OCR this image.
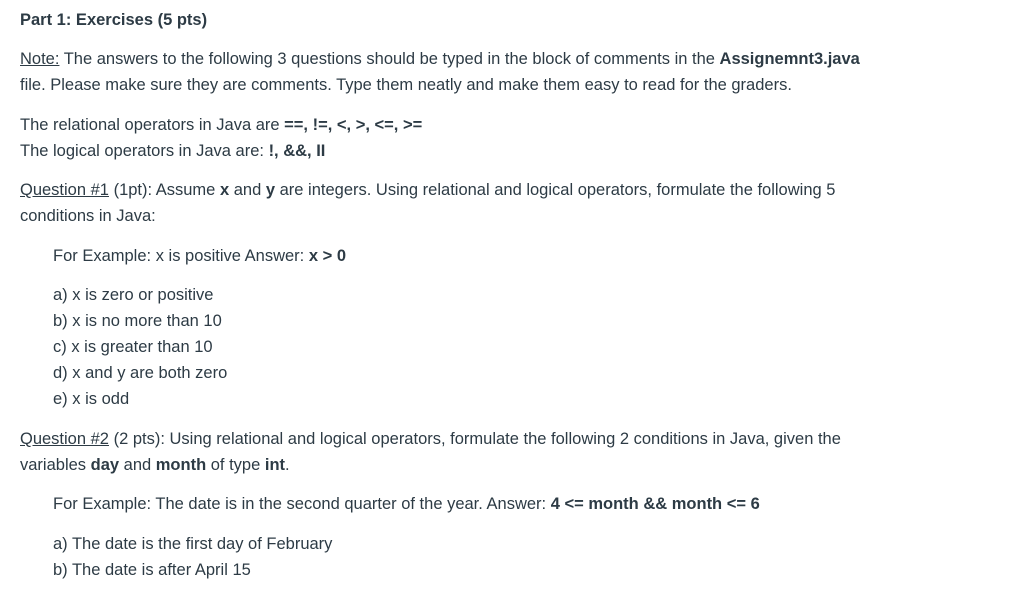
Part 1: Exercises (5 pts)
Note: The answers to the following 3 questions should be typed in the block of comments in the Assignemnt3.java
file. Please make sure they are comments. Type them neatly and make them easy to read for the graders.
The relational operators in Java are ==, !=, <, >, <=, >=
The logical operators in Java are: !, &&, II
Question #1 (1pt): Assume x and y are integers. Using relational and logical operators, formulate the following 5
conditions in Java:
For Example: x is positive Answer: x > 0
a) x is zero or positive
b) x is no more than 10
c) x is greater than 10
d) x and y are both zero
e) x is odd
Question #2 (2 pts): Using relational and logical operators, formulate the following 2 conditions in Java, given the
variables day and month of type int.
For Example: The date is in the second quarter of the year. Answer: 4 <= month && month <= 6
a) The date is the first day of February
b) The date is after April 15
